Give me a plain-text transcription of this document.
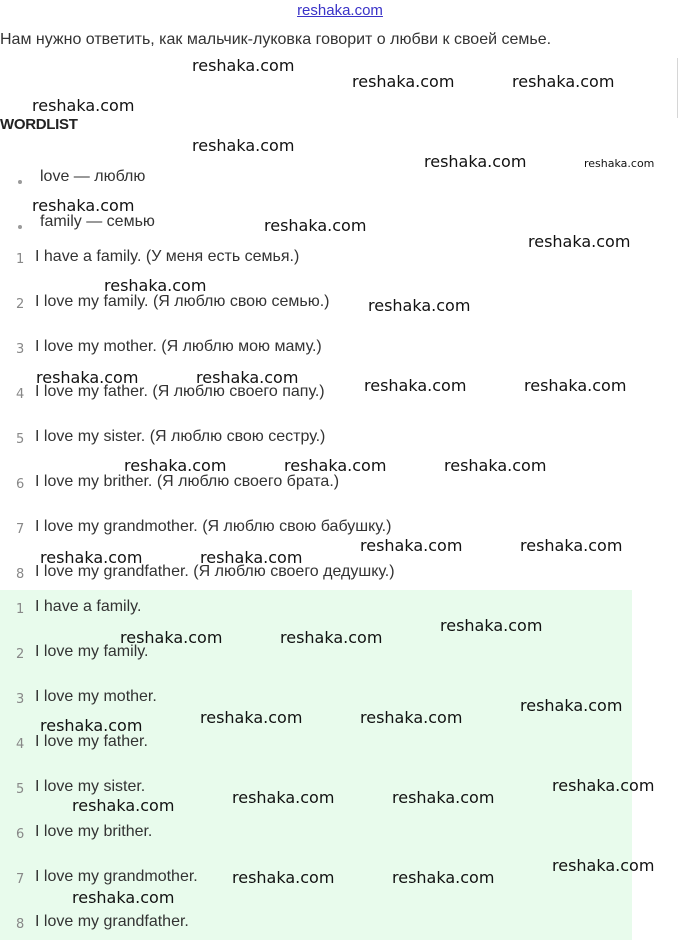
reshaka.com
Нам нужно ответить, как мальчик-луковка говорит о любви к своей семье.
WORDLIST
love — люблю
family — семью
1 I have a family. (У меня есть семья.)
2 I love my family. (Я люблю свою семью.)
3 I love my mother. (Я люблю мою маму.)
4 I love my father. (Я люблю своего папу.)
5 I love my sister. (Я люблю свою сестру.)
6 I love my brither. (Я люблю своего брата.)
7 I love my grandmother. (Я люблю свою бабушку.)
8 I love my grandfather. (Я люблю своего дедушку.)
1 I have a family.
2 I love my family.
3 I love my mother.
4 I love my father.
5 I love my sister.
6 I love my brither.
7 I love my grandmother.
8 I love my grandfather.
reshaka.com
reshaka.com	reshaka.com
reshaka.com
reshaka.com
reshaka.com	reshaka.com
reshaka.com
reshaka.com
reshaka.com
reshaka.com
reshaka.com
reshaka.com	reshaka.com	reshaka.com	reshaka.com
reshaka.com	reshaka.com	reshaka.com
reshaka.com	reshaka.com
reshaka.com	reshaka.com
reshaka.com
reshaka.com	reshaka.com
reshaka.com
reshaka.com	reshaka.com
reshaka.com
reshaka.com
reshaka.com	reshaka.com
reshaka.com
reshaka.com
reshaka.com	reshaka.com
reshaka.com
